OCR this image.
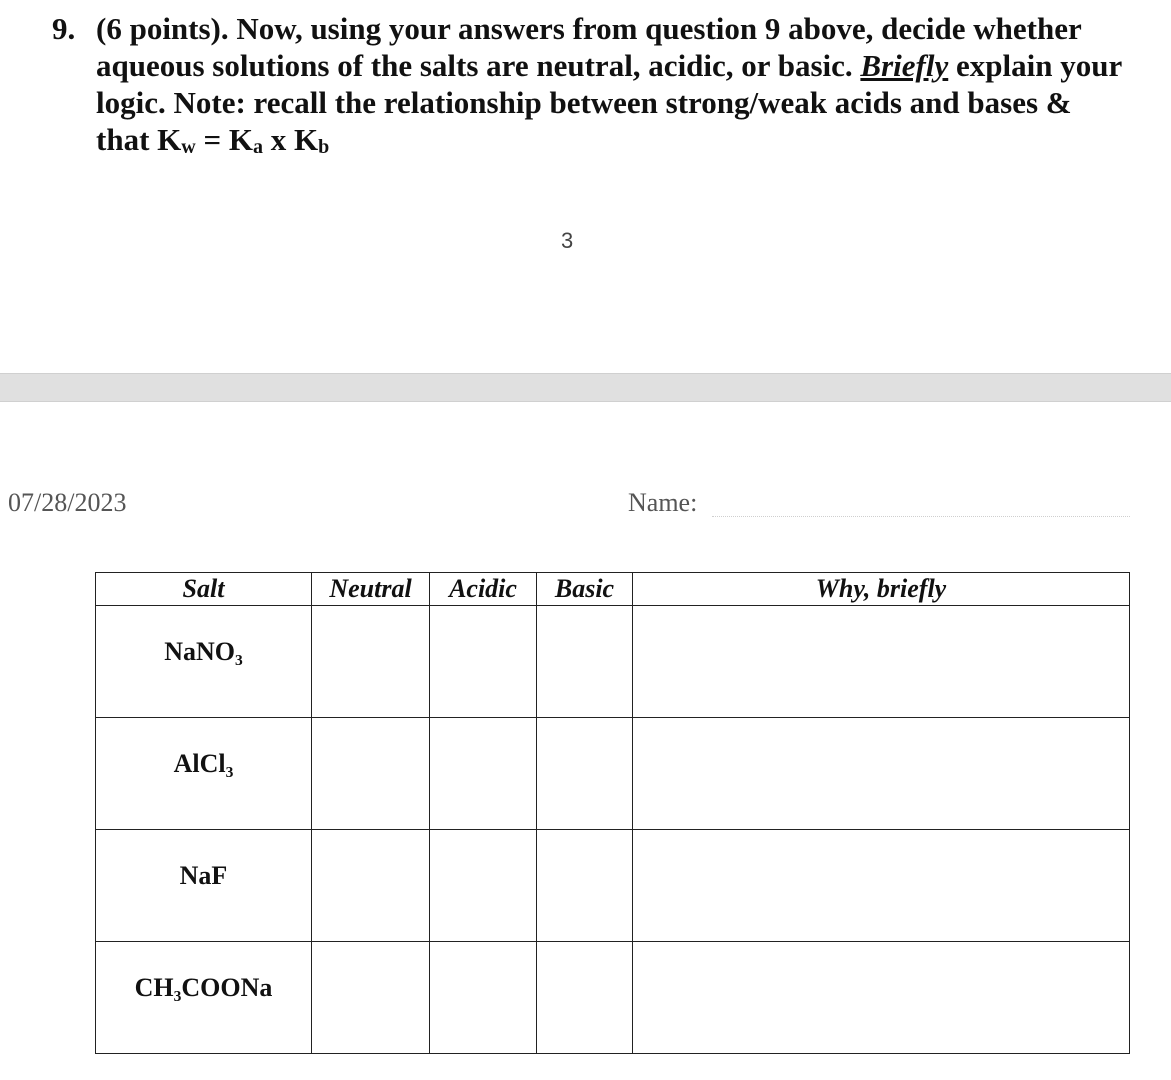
9. (6 points). Now, using your answers from question 9 above, decide whether aqueous solutions of the salts are neutral, acidic, or basic. Briefly explain your logic. Note: recall the relationship between strong/weak acids and bases & that $K_w = K_a$ x $K_b$
3
07/28/2023	Name:
Salt	Neutral	Acidic	Basic	Why, briefly
NaNO₃				
AlCl₃				
NaF				
CH₃COONa				
